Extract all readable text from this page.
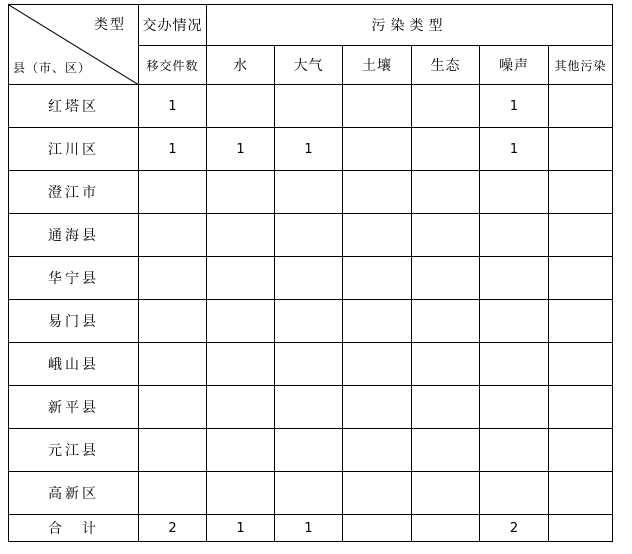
类型
县（市、区）	交办情况	污染类型					
	移交件数	水	大气	土壤	生态	噪声	其他污染
红塔区	1					1	
江川区	1	1	1			1	
澄江市							
通海县							
华宁县							
易门县							
峨山县							
新平县							
元江县							
高新区							
合　计	2	1	1			2	
